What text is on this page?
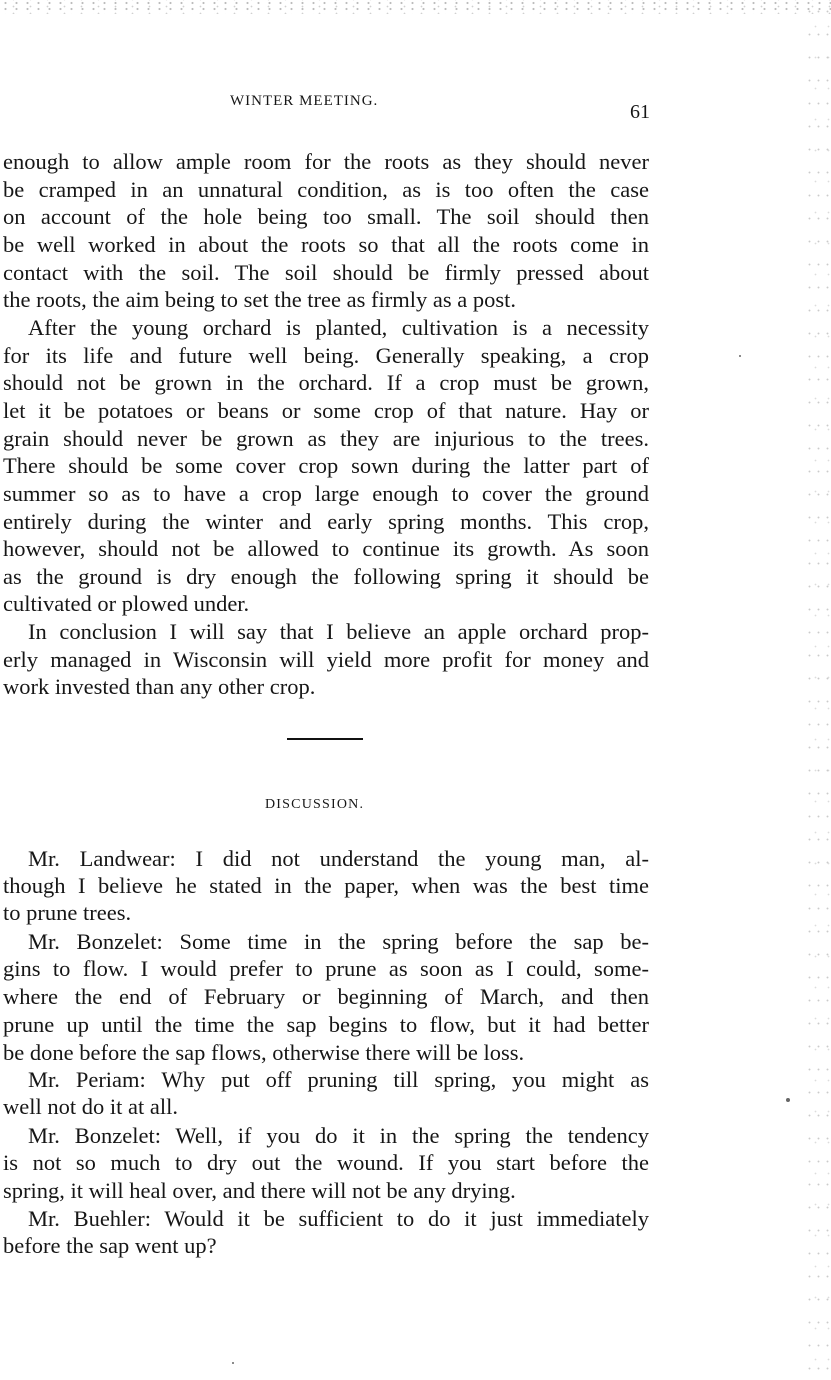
WINTER MEETING.	61
enough to allow ample room for the roots as they should never
be cramped in an unnatural condition, as is too often the case
on account of the hole being too small. The soil should then
be well worked in about the roots so that all the roots come in
contact with the soil. The soil should be firmly pressed about
the roots, the aim being to set the tree as firmly as a post.
After the young orchard is planted, cultivation is a necessity
for its life and future well being. Generally speaking, a crop
should not be grown in the orchard. If a crop must be grown,
let it be potatoes or beans or some crop of that nature. Hay or
grain should never be grown as they are injurious to the trees.
There should be some cover crop sown during the latter part of
summer so as to have a crop large enough to cover the ground
entirely during the winter and early spring months. This crop,
however, should not be allowed to continue its growth. As soon
as the ground is dry enough the following spring it should be
cultivated or plowed under.
In conclusion I will say that I believe an apple orchard prop-
erly managed in Wisconsin will yield more profit for money and
work invested than any other crop.
DISCUSSION.
Mr. Landwear: I did not understand the young man, al-
though I believe he stated in the paper, when was the best time
to prune trees.
Mr. Bonzelet: Some time in the spring before the sap be-
gins to flow. I would prefer to prune as soon as I could, some-
where the end of February or beginning of March, and then
prune up until the time the sap begins to flow, but it had better
be done before the sap flows, otherwise there will be loss.
Mr. Periam: Why put off pruning till spring, you might as
well not do it at all.
Mr. Bonzelet: Well, if you do it in the spring the tendency
is not so much to dry out the wound. If you start before the
spring, it will heal over, and there will not be any drying.
Mr. Buehler: Would it be sufficient to do it just immediately
before the sap went up?
